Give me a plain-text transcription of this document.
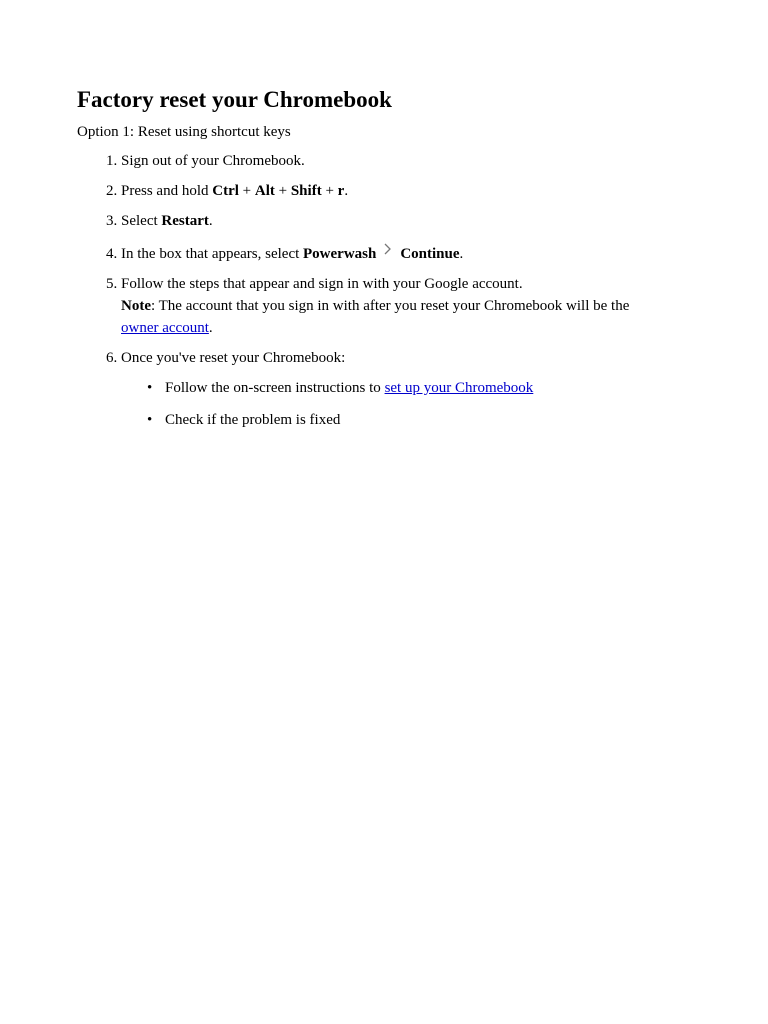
Factory reset your Chromebook
Option 1: Reset using shortcut keys
1. Sign out of your Chromebook.
2. Press and hold Ctrl + Alt + Shift + r.
3. Select Restart.
4. In the box that appears, select Powerwash Continue.
5. Follow the steps that appear and sign in with your Google account.
Note: The account that you sign in with after you reset your Chromebook will be the owner account.
6. Once you've reset your Chromebook:
• Follow the on-screen instructions to set up your Chromebook
• Check if the problem is fixed
